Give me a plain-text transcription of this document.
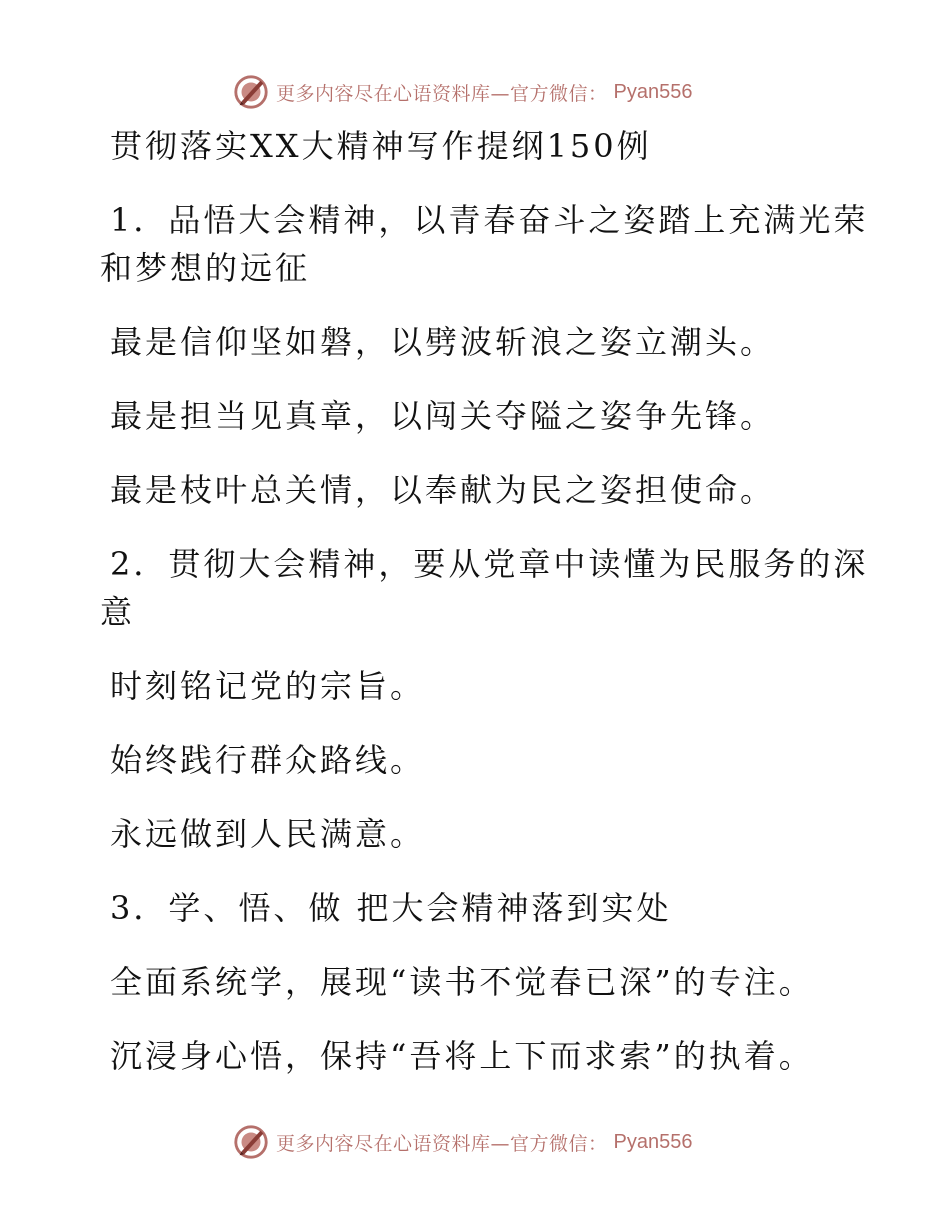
更多内容尽在心语资料库—官方微信： Pyan556
贯彻落实XX大精神写作提纲150例
1．品悟大会精神，以青春奋斗之姿踏上充满光荣
和梦想的远征
最是信仰坚如磐，以劈波斩浪之姿立潮头。
最是担当见真章，以闯关夺隘之姿争先锋。
最是枝叶总关情，以奉献为民之姿担使命。
2．贯彻大会精神，要从党章中读懂为民服务的深
意
时刻铭记党的宗旨。
始终践行群众路线。
永远做到人民满意。
3．学、悟、做 把大会精神落到实处
全面系统学，展现“读书不觉春已深”的专注。
沉浸身心悟，保持“吾将上下而求索”的执着。
更多内容尽在心语资料库—官方微信： Pyan556
